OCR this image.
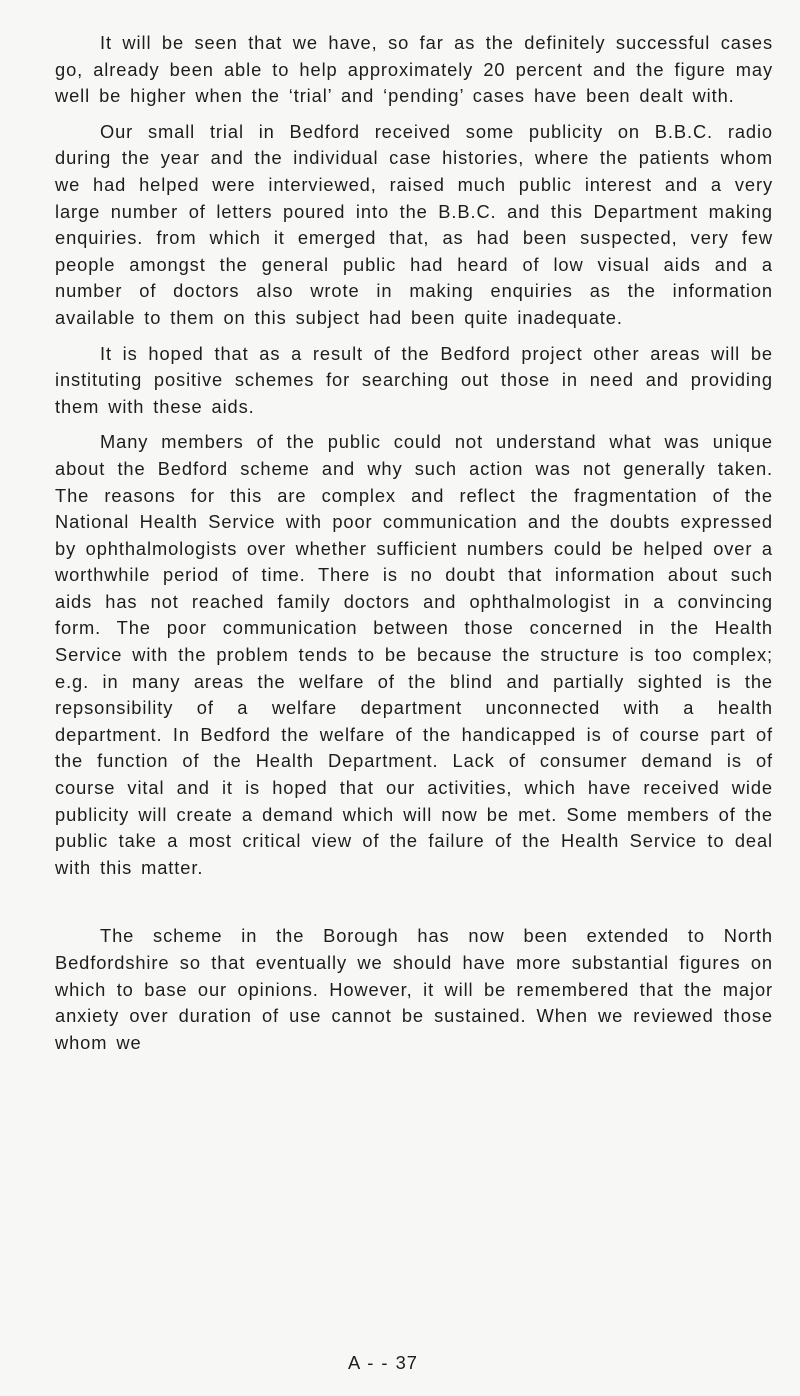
It will be seen that we have, so far as the definitely successful cases go, already been able to help approximately 20 percent and the figure may well be higher when the ‘trial’ and ‘pending’ cases have been dealt with.

Our small trial in Bedford received some publicity on B.B.C. radio during the year and the individual case histories, where the patients whom we had helped were interviewed, raised much public interest and a very large number of letters poured into the B.B.C. and this Department making enquiries. from which it emerged that, as had been suspected, very few people amongst the general public had heard of low visual aids and a number of doctors also wrote in making enquiries as the information available to them on this subject had been quite inadequate.

It is hoped that as a result of the Bedford project other areas will be instituting positive schemes for searching out those in need and providing them with these aids.

Many members of the public could not understand what was unique about the Bedford scheme and why such action was not generally taken. The reasons for this are complex and reflect the fragmentation of the National Health Service with poor communication and the doubts expressed by ophthalmologists over whether sufficient numbers could be helped over a worthwhile period of time. There is no doubt that information about such aids has not reached family doctors and ophthalmologist in a convincing form. The poor communication between those concerned in the Health Service with the problem tends to be because the structure is too complex; e.g. in many areas the welfare of the blind and partially sighted is the repsonsibility of a welfare department unconnected with a health department. In Bedford the welfare of the handicapped is of course part of the function of the Health Department. Lack of consumer demand is of course vital and it is hoped that our activities, which have received wide publicity will create a demand which will now be met. Some members of the public take a most critical view of the failure of the Health Service to deal with this matter.

The scheme in the Borough has now been extended to North Bedfordshire so that eventually we should have more substantial figures on which to base our opinions. However, it will be remembered that the major anxiety over duration of use cannot be sustained. When we reviewed those whom we

A - - 37
